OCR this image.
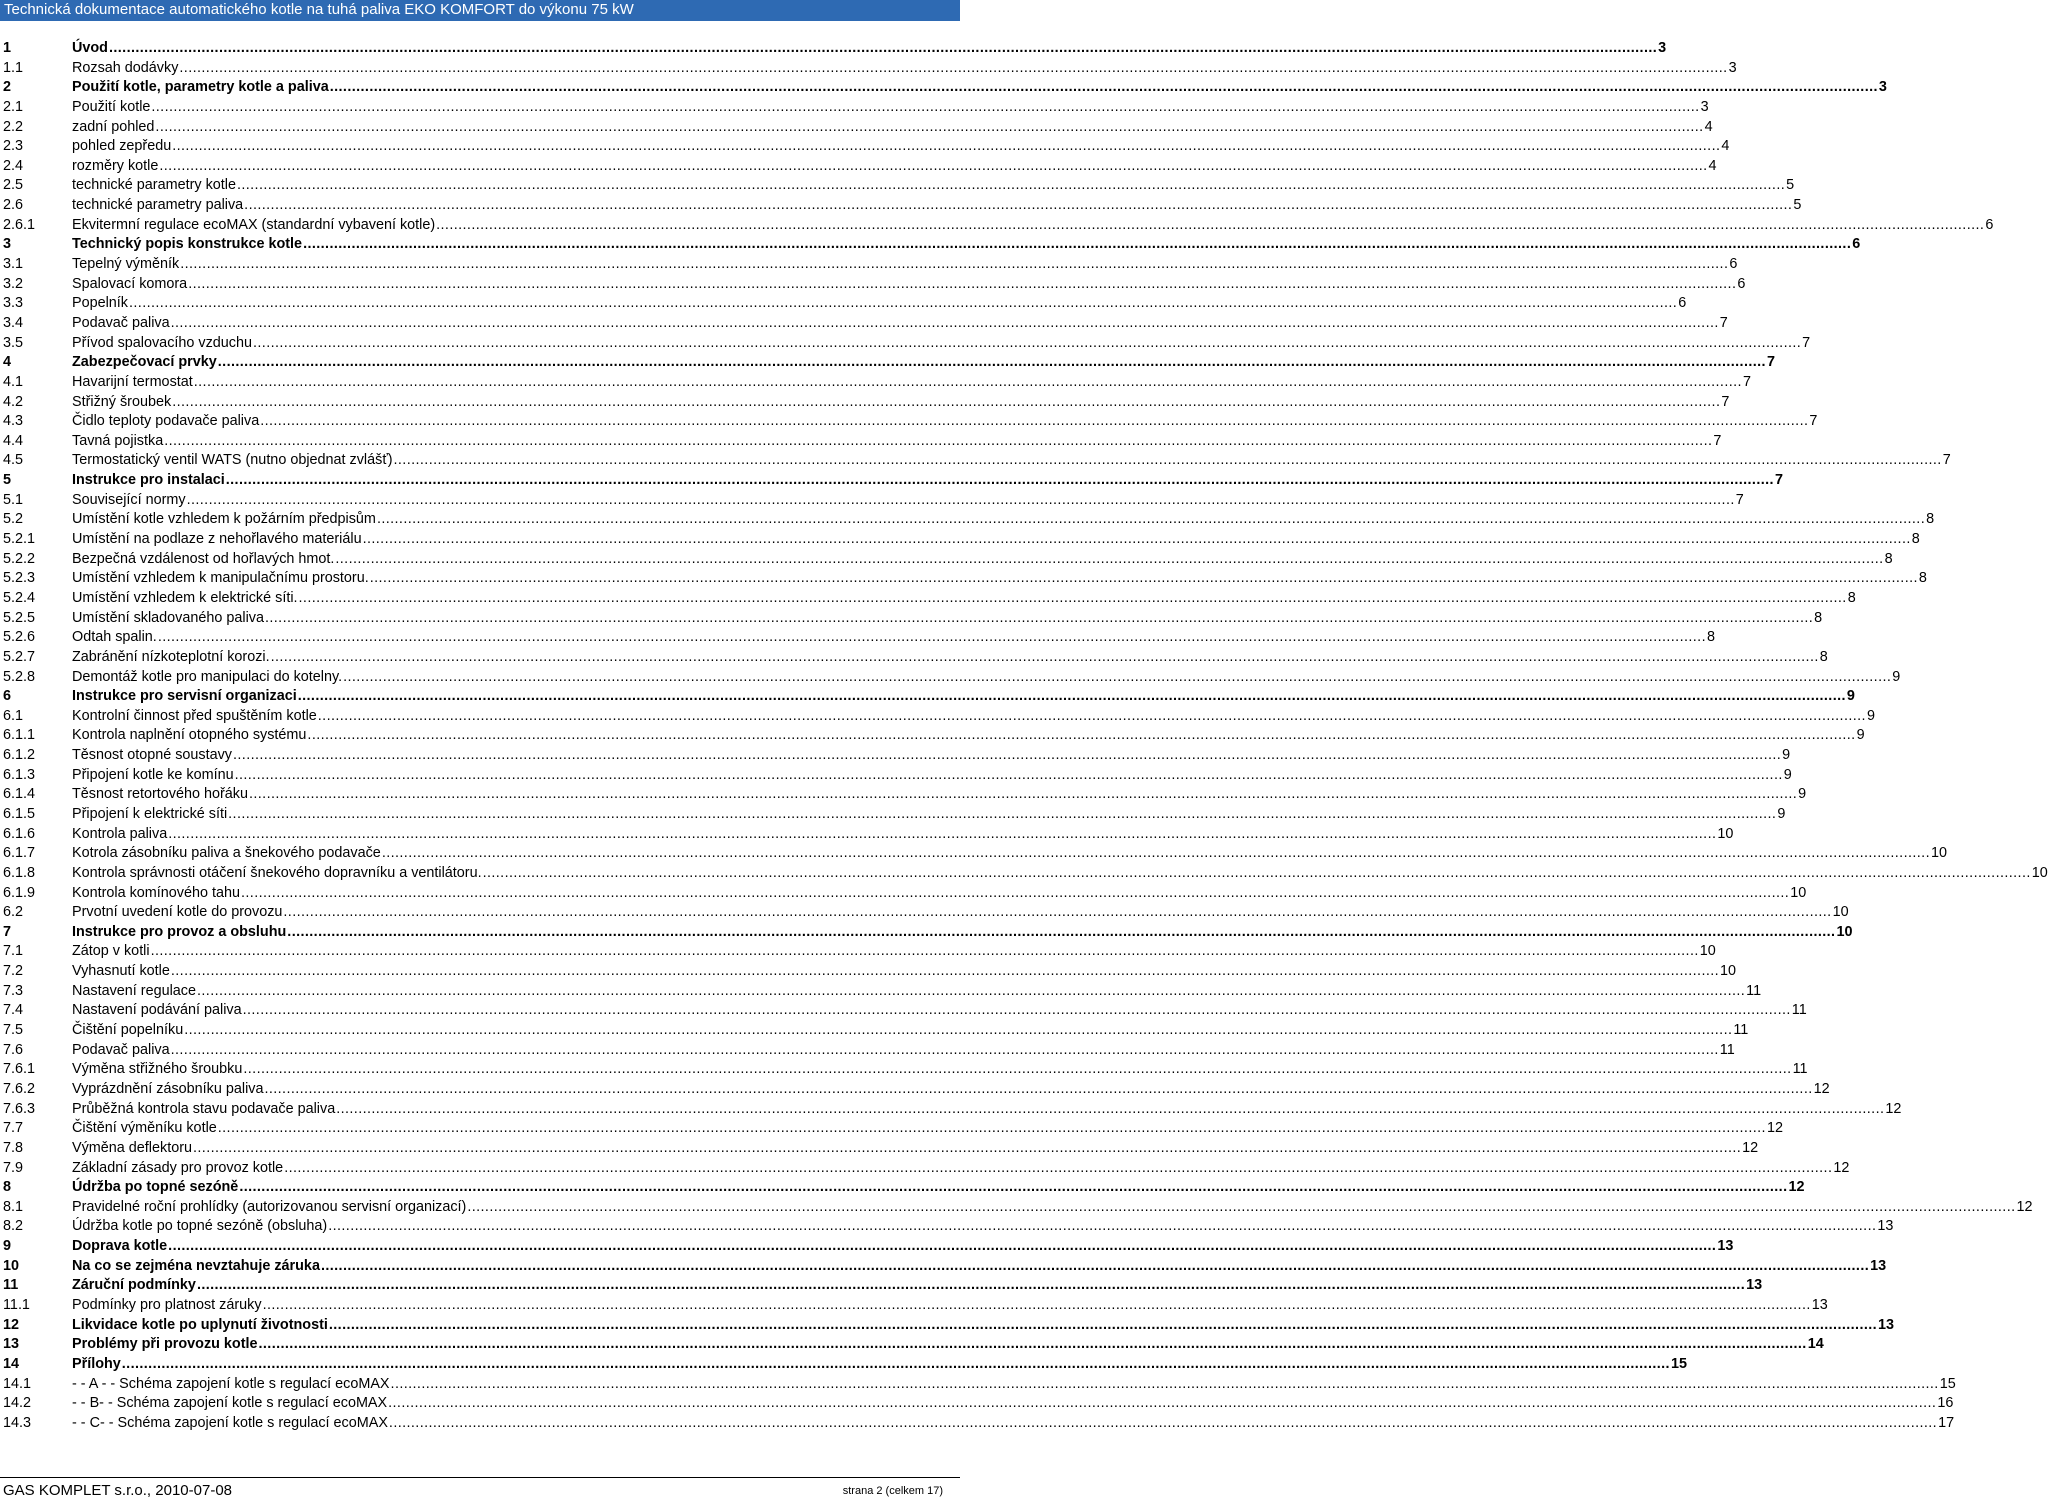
Technická dokumentace automatického kotle na tuhá paliva EKO KOMFORT do výkonu 75 kW
1	Úvod .....	3
1.1	Rozsah dodávky .....	3
2	Použití kotle, parametry kotle a paliva .....	3
2.1	Použití kotle .....	3
2.2	zadní pohled .....	4
2.3	pohled zepředu .....	4
2.4	rozměry kotle .....	4
2.5	technické parametry kotle .....	5
2.6	technické parametry paliva .....	5
2.6.1	Ekvitermní regulace ecoMAX (standardní vybavení kotle) .....	6
3	Technický popis konstrukce kotle .....	6
3.1	Tepelný výměník .....	6
3.2	Spalovací komora .....	6
3.3	Popelník .....	6
3.4	Podavač paliva .....	7
3.5	Přívod spalovacího vzduchu .....	7
4	Zabezpečovací prvky .....	7
4.1	Havarijní termostat .....	7
4.2	Střižný šroubek .....	7
4.3	Čidlo teploty podavače paliva .....	7
4.4	Tavná pojistka .....	7
4.5	Termostatický ventil WATS (nutno objednat zvlášť) .....	7
5	Instrukce pro instalaci .....	7
5.1	Související normy .....	7
5.2	Umístění kotle vzhledem k požárním předpisům .....	8
5.2.1	Umístění na podlaze z nehořlavého materiálu .....	8
5.2.2	Bezpečná vzdálenost od hořlavých hmot. .....	8
5.2.3	Umístění vzhledem k manipulačnímu prostoru. .....	8
5.2.4	Umístění vzhledem k elektrické síti. .....	8
5.2.5	Umístění skladovaného paliva .....	8
5.2.6	Odtah spalin. .....	8
5.2.7	Zabránění nízkoteplotní korozi. .....	8
5.2.8	Demontáž kotle pro manipulaci do kotelny. .....	9
6	Instrukce pro servisní organizaci .....	9
6.1	Kontrolní činnost před spuštěním kotle .....	9
6.1.1	Kontrola naplnění otopného systému .....	9
6.1.2	Těsnost otopné soustavy .....	9
6.1.3	Připojení kotle ke komínu .....	9
6.1.4	Těsnost retortového hořáku .....	9
6.1.5	Připojení k elektrické síti .....	9
6.1.6	Kontrola paliva .....	10
6.1.7	Kotrola zásobníku paliva a šnekového podavače .....	10
6.1.8	Kontrola správnosti otáčení šnekového dopravníku a ventilátoru. .....	10
6.1.9	Kontrola komínového tahu .....	10
6.2	Prvotní uvedení kotle do provozu .....	10
7	Instrukce pro provoz a obsluhu .....	10
7.1	Zátop v kotli .....	10
7.2	Vyhasnutí kotle .....	10
7.3	Nastavení regulace .....	11
7.4	Nastavení podávání paliva .....	11
7.5	Čištění popelníku .....	11
7.6	Podavač paliva .....	11
7.6.1	Výměna střižného šroubku .....	11
7.6.2	Vyprázdnění zásobníku paliva .....	12
7.6.3	Průběžná kontrola stavu podavače paliva .....	12
7.7	Čištění výměníku kotle .....	12
7.8	Výměna deflektoru .....	12
7.9	Základní zásady pro provoz kotle .....	12
8	Údržba po topné sezóně .....	12
8.1	Pravidelné roční prohlídky (autorizovanou servisní organizací) .....	12
8.2	Údržba kotle po topné sezóně (obsluha) .....	13
9	Doprava kotle .....	13
10	Na co se zejména nevztahuje záruka .....	13
11	Záruční podmínky .....	13
11.1	Podmínky pro platnost záruky .....	13
12	Likvidace kotle po uplynutí životnosti .....	13
13	Problémy při provozu kotle .....	14
14	Přílohy .....	15
14.1	- - A - - Schéma zapojení kotle s regulací ecoMAX .....	15
14.2	- - B- - Schéma zapojení kotle s regulací ecoMAX .....	16
14.3	- - C- - Schéma zapojení kotle s regulací ecoMAX .....	17
GAS KOMPLET s.r.o., 2010-07-08	strana 2 (celkem 17)
